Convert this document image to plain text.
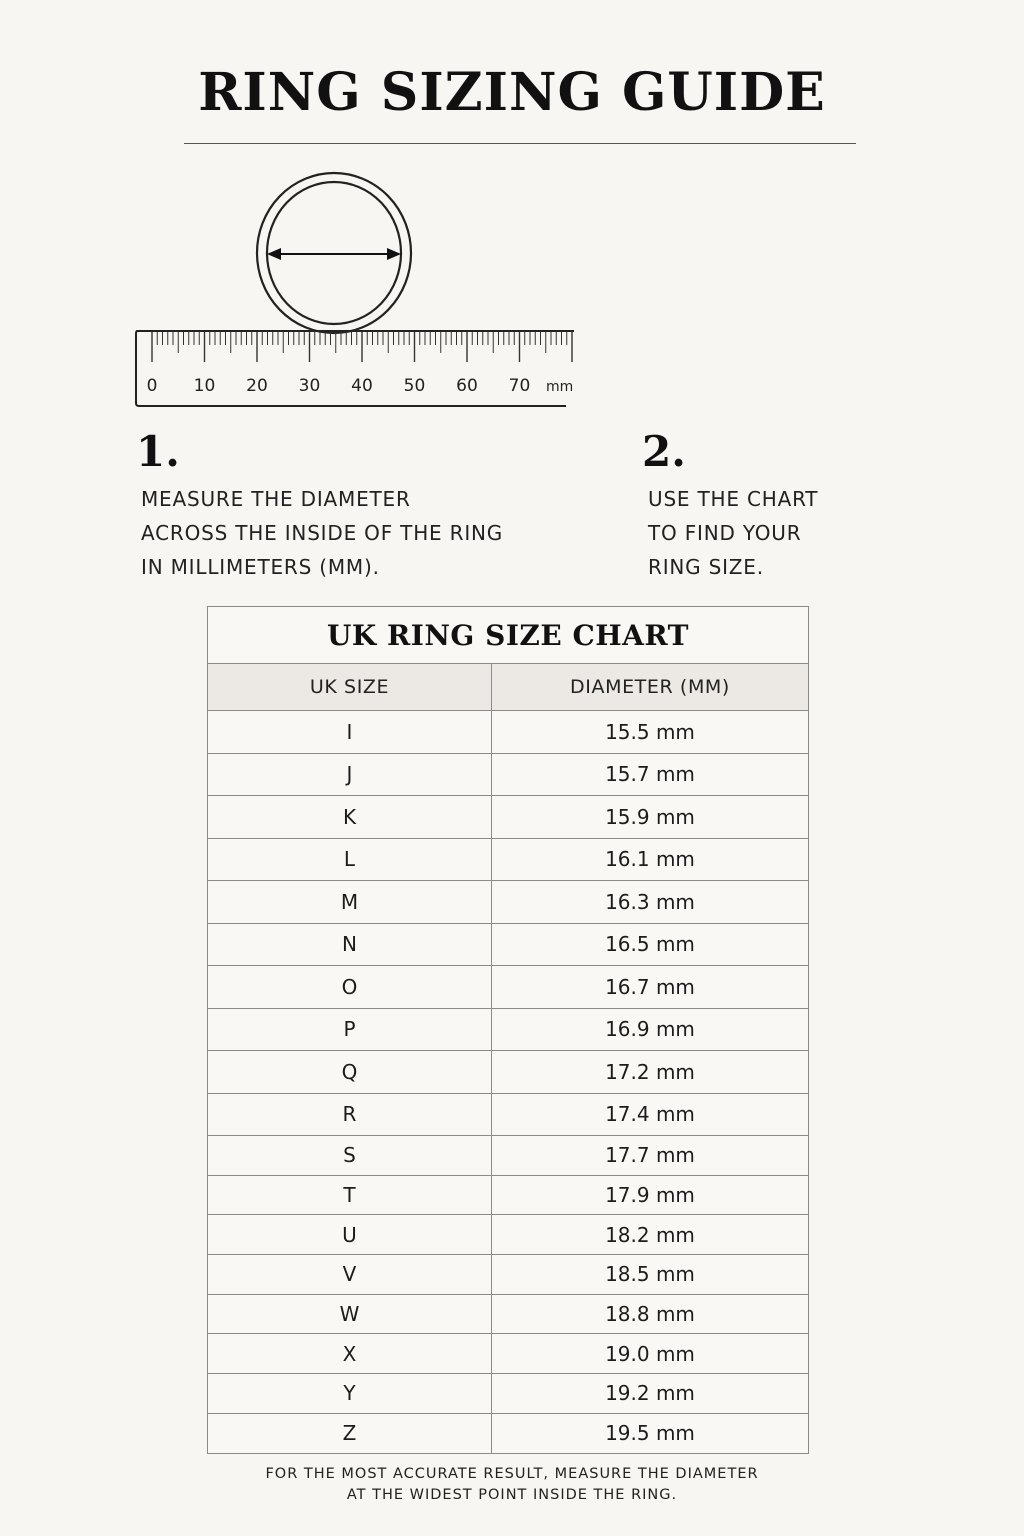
RING SIZING GUIDE
0 10 20 30 40 50 60 70 mm

1.

MEASURE THE DIAMETER
ACROSS THE INSIDE OF THE RING
IN MILLIMETERS (MM).

2.

USE THE CHART
TO FIND YOUR
RING SIZE.

UK RING SIZE CHART
UK SIZE	DIAMETER (MM)
I	15.5 mm
J	15.7 mm
K	15.9 mm
L	16.1 mm
M	16.3 mm
N	16.5 mm
O	16.7 mm
P	16.9 mm
Q	17.2 mm
R	17.4 mm
S	17.7 mm
T	17.9 mm
U	18.2 mm
V	18.5 mm
W	18.8 mm
X	19.0 mm
Y	19.2 mm
Z	19.5 mm

FOR THE MOST ACCURATE RESULT, MEASURE THE DIAMETER
AT THE WIDEST POINT INSIDE THE RING.
